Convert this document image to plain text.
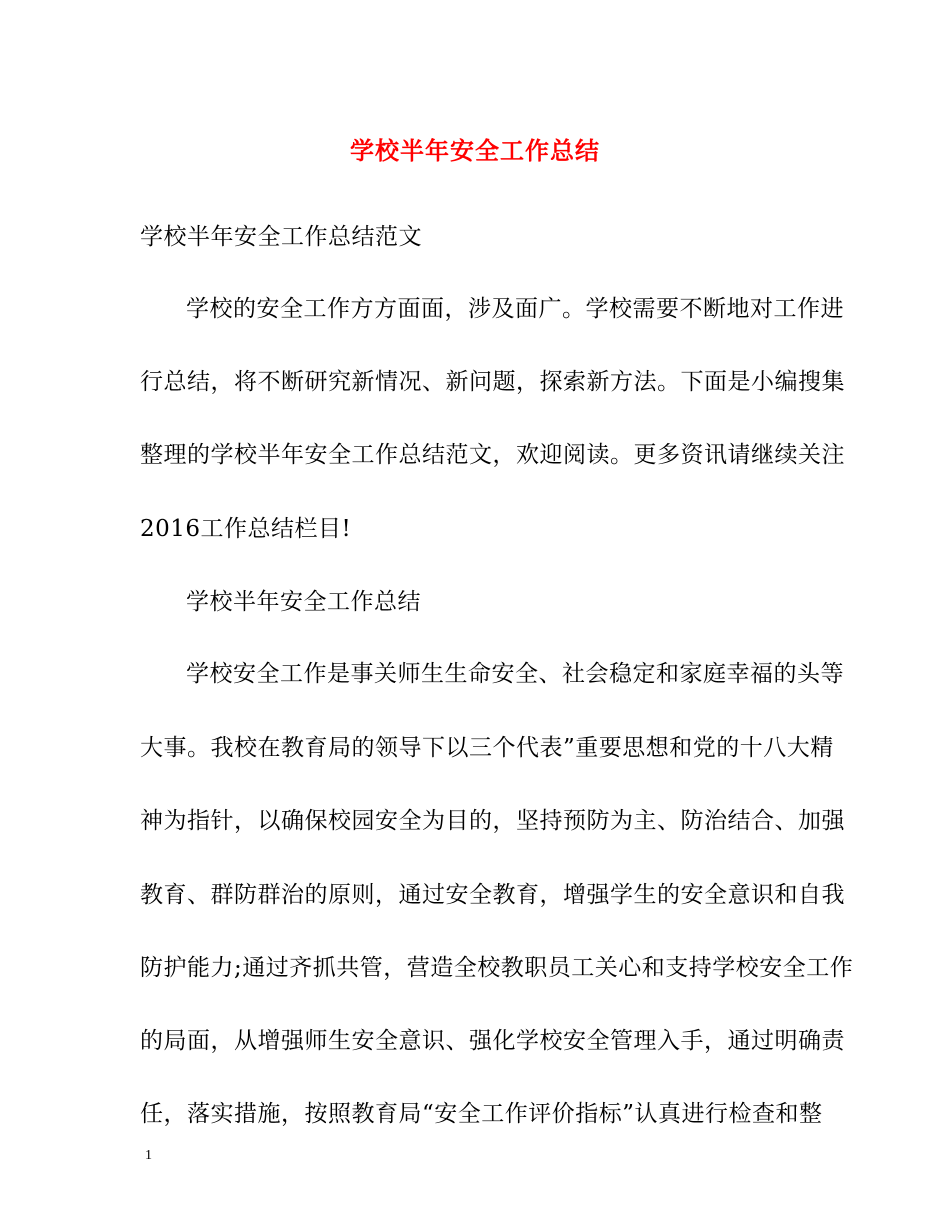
学校半年安全工作总结
学校半年安全工作总结范文
学校的安全工作方方面面，涉及面广。学校需要不断地对工作进
行总结，将不断研究新情况、新问题，探索新方法。下面是小编搜集
整理的学校半年安全工作总结范文，欢迎阅读。更多资讯请继续关注
2016工作总结栏目!
学校半年安全工作总结
学校安全工作是事关师生生命安全、社会稳定和家庭幸福的头等
大事。我校在教育局的领导下以三个代表”重要思想和党的十八大精
神为指针，以确保校园安全为目的，坚持预防为主、防治结合、加强
教育、群防群治的原则，通过安全教育，增强学生的安全意识和自我
防护能力;通过齐抓共管，营造全校教职员工关心和支持学校安全工作
的局面，从增强师生安全意识、强化学校安全管理入手，通过明确责
任，落实措施，按照教育局“安全工作评价指标”认真进行检查和整
1
